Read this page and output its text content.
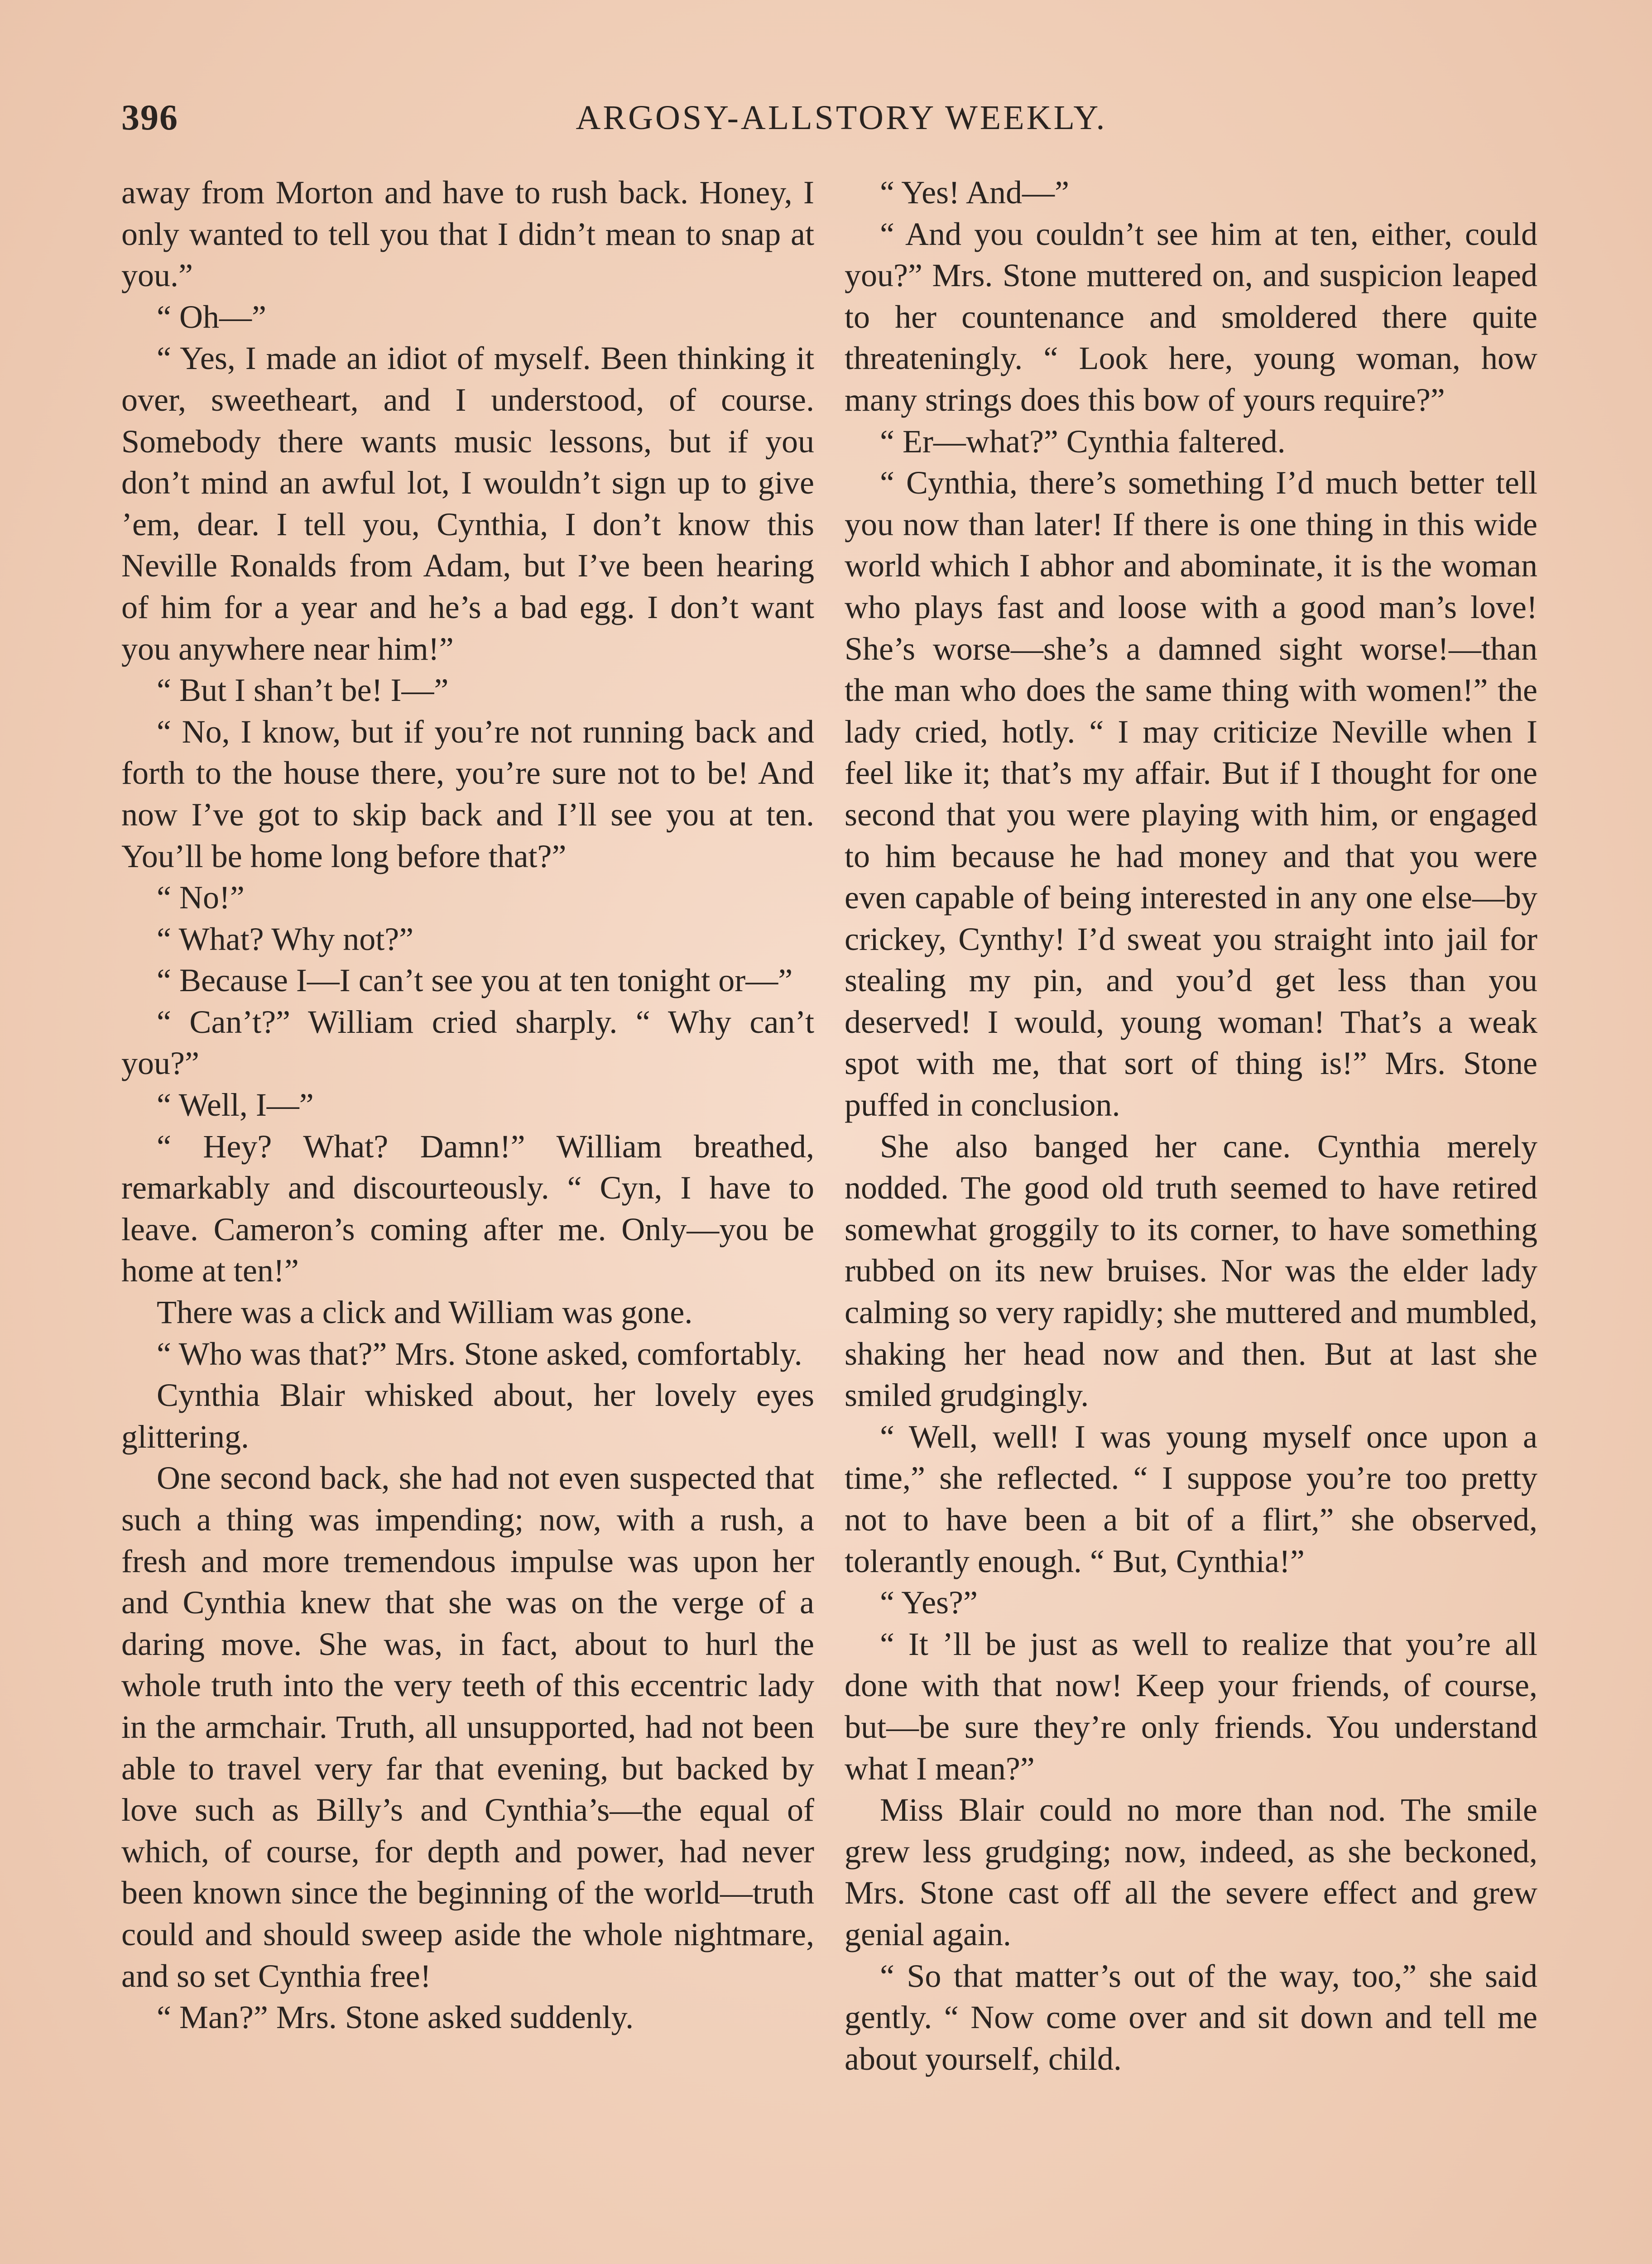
396	ARGOSY-ALLSTORY WEEKLY.

away from Morton and have to rush back. Honey, I only wanted to tell you that I didn’t mean to snap at you.”

“ Oh—”

“ Yes, I made an idiot of myself. Been thinking it over, sweetheart, and I understood, of course. Somebody there wants music lessons, but if you don’t mind an awful lot, I wouldn’t sign up to give ’em, dear. I tell you, Cynthia, I don’t know this Neville Ronalds from Adam, but I’ve been hearing of him for a year and he’s a bad egg. I don’t want you anywhere near him!”

“ But I shan’t be! I—”

“ No, I know, but if you’re not running back and forth to the house there, you’re sure not to be! And now I’ve got to skip back and I’ll see you at ten. You’ll be home long before that?”

“ No!”

“ What? Why not?”

“ Because I—I can’t see you at ten tonight or—”

“ Can’t?” William cried sharply. “ Why can’t you?”

“ Well, I—”

“ Hey? What? Damn!” William breathed, remarkably and discourteously. “ Cyn, I have to leave. Cameron’s coming after me. Only—you be home at ten!”

There was a click and William was gone.

“ Who was that?” Mrs. Stone asked, comfortably.

Cynthia Blair whisked about, her lovely eyes glittering.

One second back, she had not even suspected that such a thing was impending; now, with a rush, a fresh and more tremendous impulse was upon her and Cynthia knew that she was on the verge of a daring move. She was, in fact, about to hurl the whole truth into the very teeth of this eccentric lady in the armchair. Truth, all unsupported, had not been able to travel very far that evening, but backed by love such as Billy’s and Cynthia’s—the equal of which, of course, for depth and power, had never been known since the beginning of the world—truth could and should sweep aside the whole nightmare, and so set Cynthia free!

“ Man?” Mrs. Stone asked suddenly.

“ Yes! And—”

“ And you couldn’t see him at ten, either, could you?” Mrs. Stone muttered on, and suspicion leaped to her countenance and smoldered there quite threateningly. “ Look here, young woman, how many strings does this bow of yours require?”

“ Er—what?” Cynthia faltered.

“ Cynthia, there’s something I’d much better tell you now than later! If there is one thing in this wide world which I abhor and abominate, it is the woman who plays fast and loose with a good man’s love! She’s worse—she’s a damned sight worse!—than the man who does the same thing with women!” the lady cried, hotly. “ I may criticize Neville when I feel like it; that’s my affair. But if I thought for one second that you were playing with him, or engaged to him because he had money and that you were even capable of being interested in any one else—by crickey, Cynthy! I’d sweat you straight into jail for stealing my pin, and you’d get less than you deserved! I would, young woman! That’s a weak spot with me, that sort of thing is!” Mrs. Stone puffed in conclusion.

She also banged her cane. Cynthia merely nodded. The good old truth seemed to have retired somewhat groggily to its corner, to have something rubbed on its new bruises. Nor was the elder lady calming so very rapidly; she muttered and mumbled, shaking her head now and then. But at last she smiled grudgingly.

“ Well, well! I was young myself once upon a time,” she reflected. “ I suppose you’re too pretty not to have been a bit of a flirt,” she observed, tolerantly enough. “ But, Cynthia!”

“ Yes?”

“ It ’ll be just as well to realize that you’re all done with that now! Keep your friends, of course, but—be sure they’re only friends. You understand what I mean?”

Miss Blair could no more than nod. The smile grew less grudging; now, indeed, as she beckoned, Mrs. Stone cast off all the severe effect and grew genial again.

“ So that matter’s out of the way, too,” she said gently. “ Now come over and sit down and tell me about yourself, child.
